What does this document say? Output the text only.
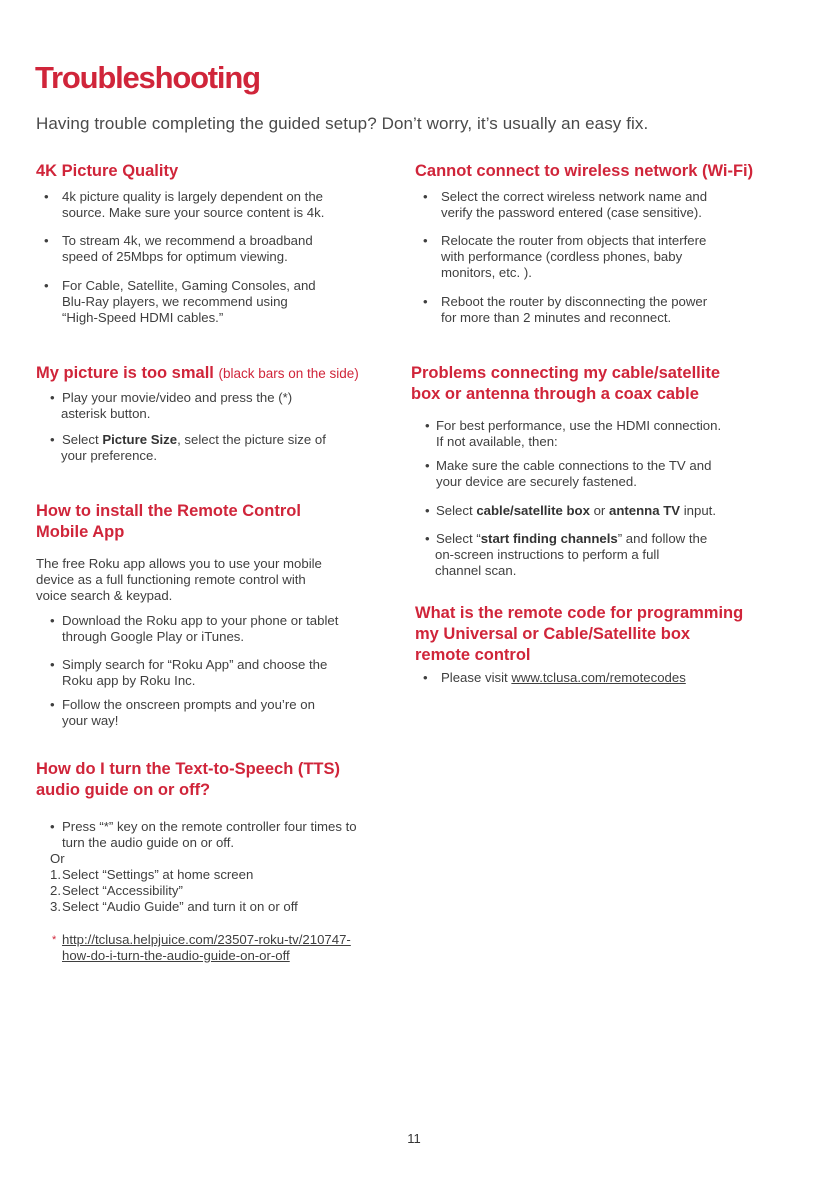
Troubleshooting
Having trouble completing the guided setup? Don’t worry, it’s usually an easy fix.
4K Picture Quality
•	4k picture quality is largely dependent on the
source. Make sure your source content is 4k.
•	To stream 4k, we recommend a broadband
speed of 25Mbps for optimum viewing.
•	For Cable, Satellite, Gaming Consoles, and
Blu-Ray players, we recommend using
“High-Speed HDMI cables.”
My picture is too small (black bars on the side)
• Play your movie/video and press the (*)

asterisk button.
• Select Picture Size, select the picture size of
your preference.
How to install the Remote Control
Mobile App
The free Roku app allows you to use your mobile
device as a full functioning remote control with
voice search & keypad.
• Download the Roku app to your phone or tablet
through Google Play or iTunes.
• Simply search for “Roku App” and choose the
Roku app by Roku Inc.
• Follow the onscreen prompts and you’re on
your way!
How do I turn the Text-to-Speech (TTS)
audio guide on or off?
• Press “*” key on the remote controller four times to
turn the audio guide on or off.
Or
1.Select “Settings” at home screen
2.Select “Accessibility”
3.Select “Audio Guide” and turn it on or off
* http://tclusa.helpjuice.com/23507-roku-tv/210747-
how-do-i-turn-the-audio-guide-on-or-off
Cannot connect to wireless network (Wi-Fi)
•	Select the correct wireless network name and
verify the password entered (case sensitive).
•	Relocate the router from objects that interfere
with performance (cordless phones, baby
monitors, etc. ).
•	Reboot the router by disconnecting the power
for more than 2 minutes and reconnect.
Problems connecting my cable/satellite
box or antenna through a coax cable
• For best performance, use the HDMI connection.
If not available, then:
• Make sure the cable connections to the TV and
your device are securely fastened.
• Select cable/satellite box or antenna TV input.
• Select “start finding channels” and follow the
on-screen instructions to perform a full
channel scan.
What is the remote code for programming
my Universal or Cable/Satellite box
remote control
•	Please visit www.tclusa.com/remotecodes
11
